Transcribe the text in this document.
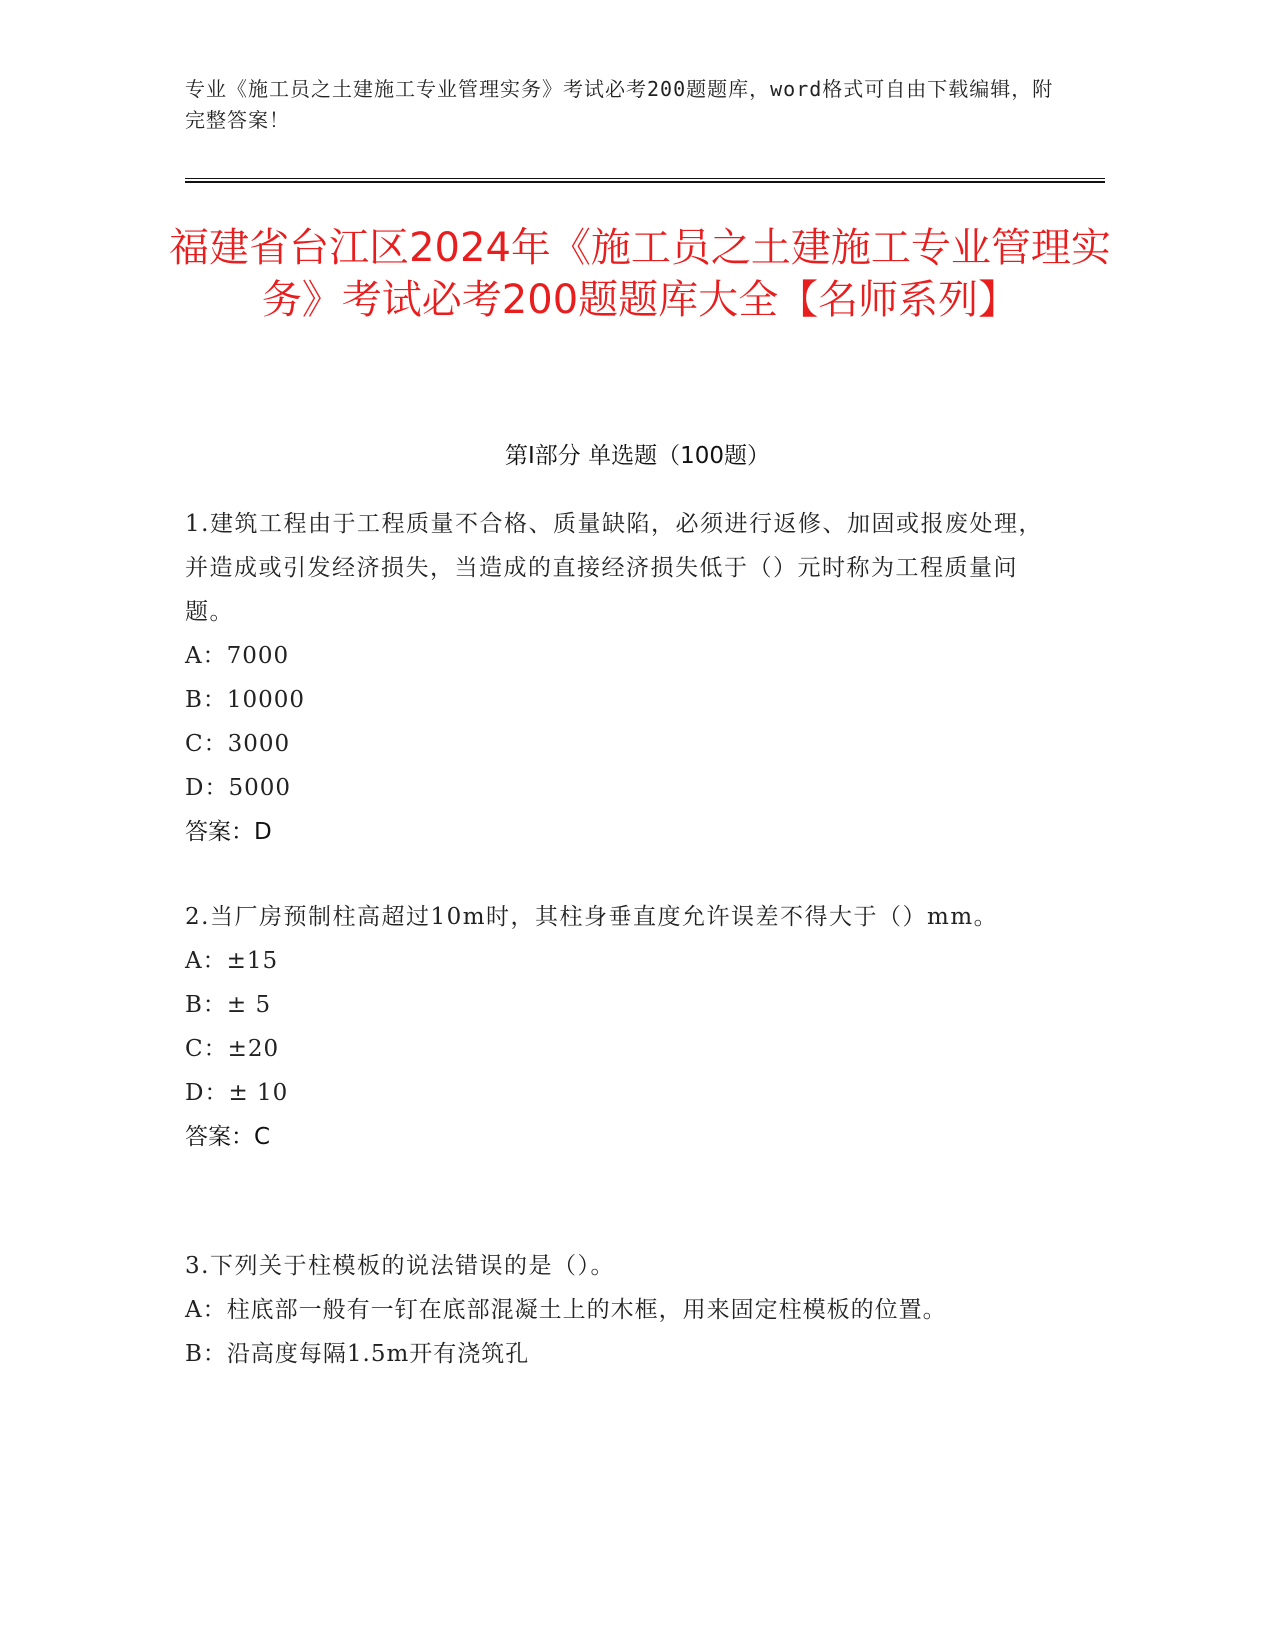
专业《施工员之土建施工专业管理实务》考试必考200题题库，word格式可自由下载编辑，附完整答案！
福建省台江区2024年《施工员之土建施工专业管理实务》考试必考200题题库大全【名师系列】
第I部分 单选题（100题）
1.建筑工程由于工程质量不合格、质量缺陷，必须进行返修、加固或报废处理，并造成或引发经济损失，当造成的直接经济损失低于（）元时称为工程质量问题。
A：7000
B：10000
C：3000
D：5000
答案：D
2.当厂房预制柱高超过10m时，其柱身垂直度允许误差不得大于（）mm。
A：±15
B：± 5
C：±20
D：± 10
答案：C
3.下列关于柱模板的说法错误的是（）。
A：柱底部一般有一钉在底部混凝土上的木框，用来固定柱模板的位置。
B：沿高度每隔1.5m开有浇筑孔
